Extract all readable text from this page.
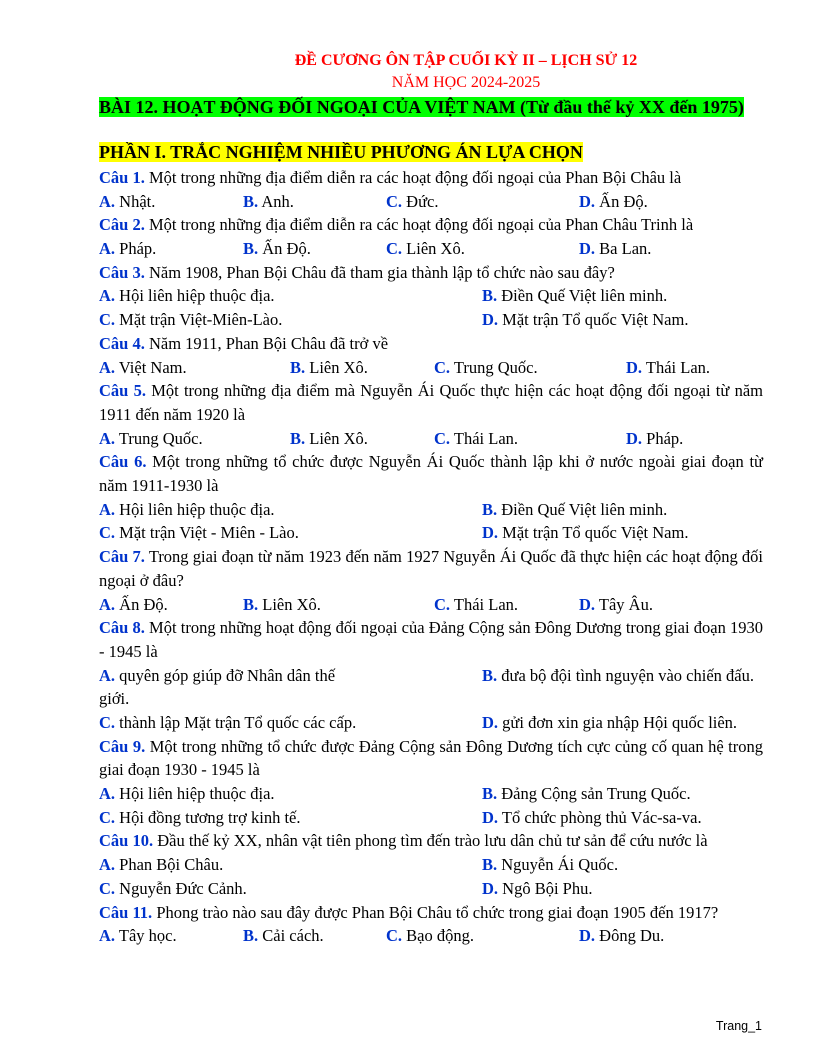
ĐỀ CƯƠNG ÔN TẬP CUỐI KỲ II – LỊCH SỬ 12
NĂM HỌC 2024-2025
BÀI 12. HOẠT ĐỘNG ĐỐI NGOẠI CỦA VIỆT NAM (Từ đầu thế kỷ XX đến 1975)
PHẦN I. TRẮC NGHIỆM NHIỀU PHƯƠNG ÁN LỰA CHỌN
Câu 1. Một trong những địa điểm diễn ra các hoạt động đối ngoại của Phan Bội Châu là
A. Nhật.	B. Anh.	C. Đức.	D. Ấn Độ.
Câu 2. Một trong những địa điểm diễn ra các hoạt động đối ngoại của Phan Châu Trinh là
A. Pháp.	B. Ấn Độ.	C. Liên Xô.	D. Ba Lan.
Câu 3. Năm 1908, Phan Bội Châu đã tham gia thành lập tổ chức nào sau đây?
A. Hội liên hiệp thuộc địa.	B. Điền Quế Việt liên minh.
C. Mặt trận Việt-Miên-Lào.	D. Mặt trận Tổ quốc Việt Nam.
Câu 4. Năm 1911, Phan Bội Châu đã trở về
A. Việt Nam.	B. Liên Xô.	C. Trung Quốc.	D. Thái Lan.
Câu 5. Một trong những địa điểm mà Nguyễn Ái Quốc thực hiện các hoạt động đối ngoại từ năm 1911 đến năm 1920 là
A. Trung Quốc.	B. Liên Xô.	C. Thái Lan.	D. Pháp.
Câu 6. Một trong những tổ chức được Nguyễn Ái Quốc thành lập khi ở nước ngoài giai đoạn từ năm 1911-1930 là
A. Hội liên hiệp thuộc địa.	B. Điền Quế Việt liên minh.
C. Mặt trận Việt - Miên - Lào.	D. Mặt trận Tổ quốc Việt Nam.
Câu 7. Trong giai đoạn từ năm 1923 đến năm 1927 Nguyễn Ái Quốc đã thực hiện các hoạt động đối ngoại ở đâu?
A. Ấn Độ.	B. Liên Xô.	C. Thái Lan.	D. Tây Âu.
Câu 8. Một trong những hoạt động đối ngoại của Đảng Cộng sản Đông Dương trong giai đoạn 1930 - 1945 là
A. quyên góp giúp đỡ Nhân dân thế giới.
B. đưa bộ đội tình nguyện vào chiến đấu.
C. thành lập Mặt trận Tổ quốc các cấp.	D. gửi đơn xin gia nhập Hội quốc liên.
Câu 9. Một trong những tổ chức được Đảng Cộng sản Đông Dương tích cực củng cố quan hệ trong giai đoạn 1930 - 1945 là
A. Hội liên hiệp thuộc địa.	B. Đảng Cộng sản Trung Quốc.
C. Hội đồng tương trợ kinh tế.	D. Tổ chức phòng thủ Vác-sa-va.
Câu 10. Đầu thế kỷ XX, nhân vật tiên phong tìm đến trào lưu dân chủ tư sản để cứu nước là
A. Phan Bội Châu.	B. Nguyễn Ái Quốc.
C. Nguyễn Đức Cảnh.	D. Ngô Bội Phu.
Câu 11. Phong trào nào sau đây được Phan Bội Châu tổ chức trong giai đoạn 1905 đến 1917?
A. Tây học.	B. Cải cách.	C. Bạo động.	D. Đông Du.
Trang_1
